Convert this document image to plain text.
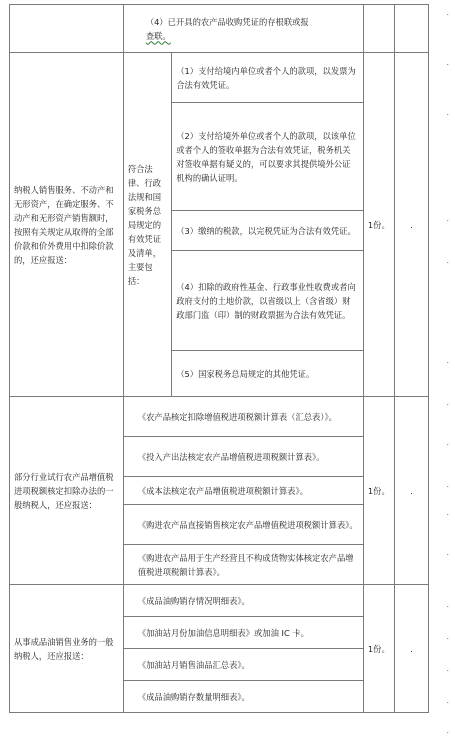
	（4）已开具的农产品收购凭证的存根联或报
查联。			
纳税人销售服务、不动产和无形资产，在确定服务、不动产和无形资产销售额时，按照有关规定从取得的全部价款和价外费用中扣除价款的，还应报送：	符合法律、行政法规和国家税务总局规定的有效凭证及清单，主要包括：	（1）支付给境内单位或者个人的款项，以发票为合法有效凭证。	1份。	.
		（2）支付给境外单位或者个人的款项，以该单位或者个人的签收单据为合法有效凭证，税务机关对签收单据有疑义的，可以要求其提供境外公证机构的确认证明。		
		（3）缴纳的税款，以完税凭证为合法有效凭证。		
		（4）扣除的政府性基金、行政事业性收费或者向政府支付的土地价款，以省级以上（含省级）财政部门监（印）制的财政票据为合法有效凭证。		
		（5）国家税务总局规定的其他凭证。		
部分行业试行农产品增值税进项税额核定扣除办法的一般纳税人，还应报送：	《农产品核定扣除增值税进项税额计算表（汇总表）》。		1份。	.
	《投入产出法核定农产品增值税进项税额计算表》。			
	《成本法核定农产品增值税进项税额计算表》。			
	《购进农产品直接销售核定农产品增值税进项税额计算表》。			
	《购进农产品用于生产经营且不构成货物实体核定农产品增值税进项税额计算表》。			
从事成品油销售业务的一般纳税人，还应报送：	《成品油购销存情况明细表》。		1份。	.
	《加油站月份加油信息明细表》或加油 IC 卡。			
	《加油站月销售油品汇总表》。			
	《成品油购销存数量明细表》。			
.
.
.
.
.
.
.
.
.
.
.
.
.
.
.
.
